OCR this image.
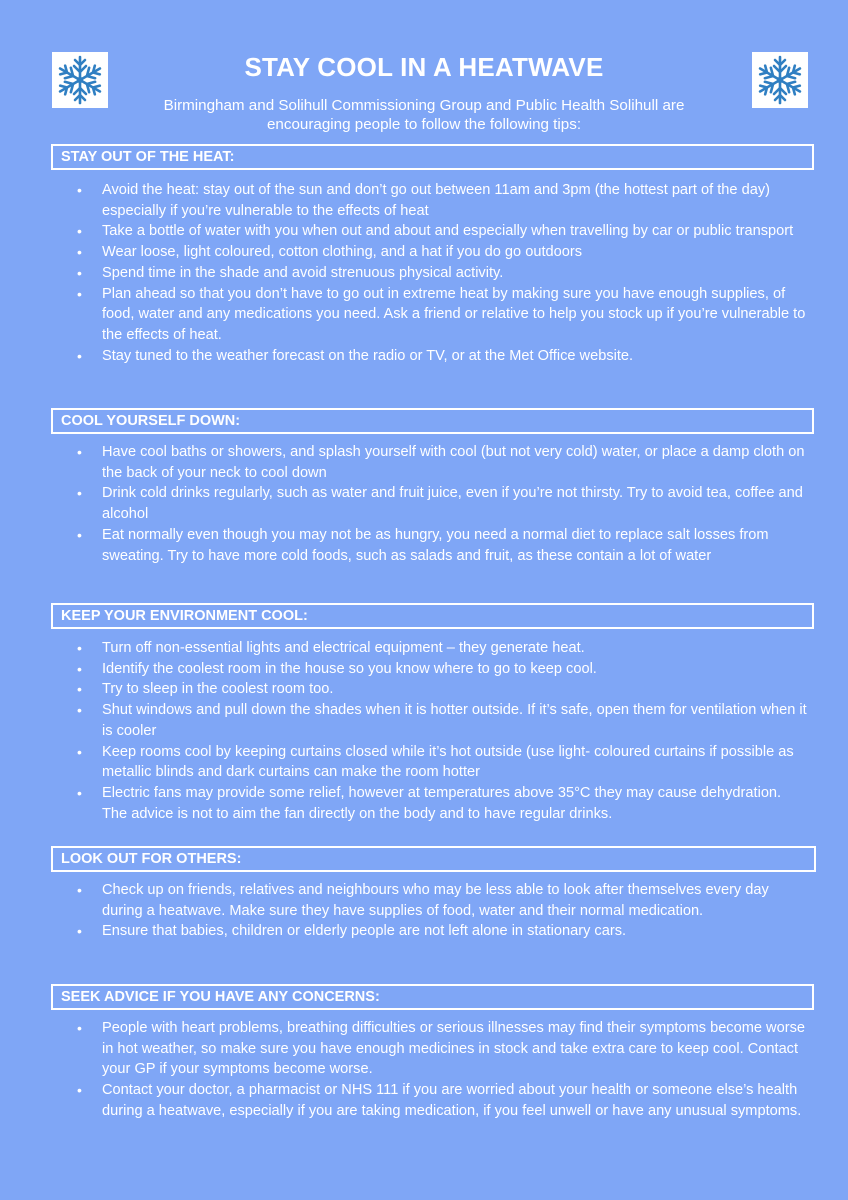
STAY COOL IN A HEATWAVE
Birmingham and Solihull Commissioning Group and Public Health Solihull are encouraging people to follow the following tips:
STAY OUT OF THE HEAT:
• Avoid the heat: stay out of the sun and don’t go out between 11am and 3pm (the hottest part of the day) especially if you’re vulnerable to the effects of heat
• Take a bottle of water with you when out and about and especially when travelling by car or public transport
• Wear loose, light coloured, cotton clothing, and a hat if you do go outdoors
• Spend time in the shade and avoid strenuous physical activity.
• Plan ahead so that you don’t have to go out in extreme heat by making sure you have enough supplies, of food, water and any medications you need. Ask a friend or relative to help you stock up if you’re vulnerable to the effects of heat.
• Stay tuned to the weather forecast on the radio or TV, or at the Met Office website.
COOL YOURSELF DOWN:
• Have cool baths or showers, and splash yourself with cool (but not very cold) water, or place a damp cloth on the back of your neck to cool down
• Drink cold drinks regularly, such as water and fruit juice, even if you’re not thirsty. Try to avoid tea, coffee and alcohol
• Eat normally even though you may not be as hungry, you need a normal diet to replace salt losses from sweating. Try to have more cold foods, such as salads and fruit, as these contain a lot of water
KEEP YOUR ENVIRONMENT COOL:
• Turn off non-essential lights and electrical equipment – they generate heat.
• Identify the coolest room in the house so you know where to go to keep cool.
• Try to sleep in the coolest room too.
• Shut windows and pull down the shades when it is hotter outside. If it’s safe, open them for ventilation when it is cooler
• Keep rooms cool by keeping curtains closed while it’s hot outside (use light- coloured curtains if possible as metallic blinds and dark curtains can make the room hotter
• Electric fans may provide some relief, however at temperatures above 35°C they may cause dehydration. The advice is not to aim the fan directly on the body and to have regular drinks.
LOOK OUT FOR OTHERS:
• Check up on friends, relatives and neighbours who may be less able to look after themselves every day during a heatwave. Make sure they have supplies of food, water and their normal medication.
• Ensure that babies, children or elderly people are not left alone in stationary cars.
SEEK ADVICE IF YOU HAVE ANY CONCERNS:
• People with heart problems, breathing difficulties or serious illnesses may find their symptoms become worse in hot weather, so make sure you have enough medicines in stock and take extra care to keep cool. Contact your GP if your symptoms become worse.
• Contact your doctor, a pharmacist or NHS 111 if you are worried about your health or someone else’s health during a heatwave, especially if you are taking medication, if you feel unwell or have any unusual symptoms.
